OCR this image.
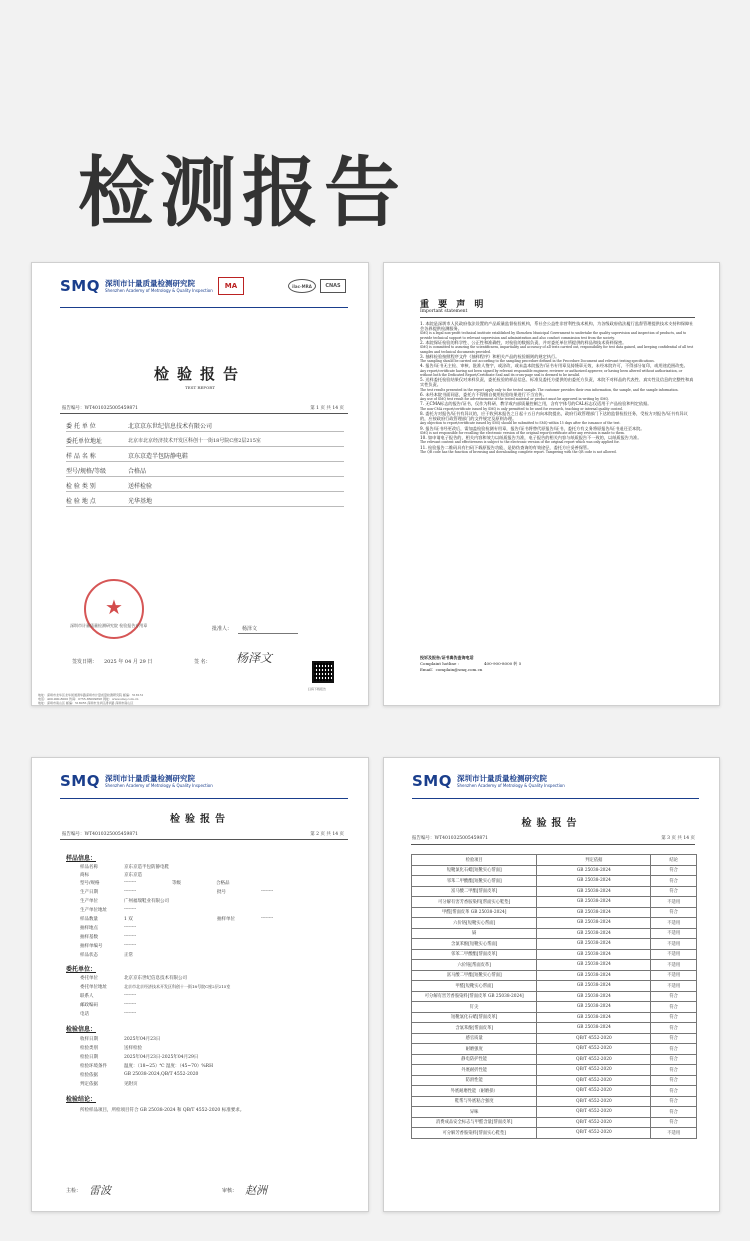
检测报告
SMQ 深圳市计量质量检测研究院
Shenzhen Academy of Metrology & Quality Inspection
MA	ilac-MRA	CNAS
检验报告
TEST REPORT
报告编号：WT4010325005459871	第 1 页 共 14 页
委 托 单 位	北京京东世纪信息技术有限公司
委托单位地址	北京市北京经济技术开发区科创十一街18号院C座2层215室
样 品 名 称	京东京造半包防静电鞋
型号/规格/等级	合格品
检 验 类 别	送样检验
检 验 地 点	光华基地
★
深圳市计量质量检测研究院 检验报告专用章
批准人： 杨泽文
签发日期： 2025 年 04 月 29 日	签 名： 杨泽文
扫码下载报告
地址：深圳市龙华区龙华街道清华路深圳市计量质量检测研究院 邮编：518131
电话：400-900-8000 传真：0755-86009898 网址：www.smq.com.cn
地址：深圳市南山区 邮编：518055 深圳市龙华区清华路 深圳市南山区
重 要 声 明
Important statement
1. 本院是深圳市人民政府依法设置的产品质量监督检验机构，系社会公益性非营利性技术机构，为各级政府依法履行监督管理提供技术支持和保障社会各界提供检测服务。
SMQ is a legal non-profit technical institute established by Shenzhen Municipal Government to undertake the quality supervision and inspection of products, and to provide technical support to relevant supervision and administration and also conduct commission test from the society.
2. 本院保证检验的科学性、公正性和准确性，对检验的数据负责，并对委托单位所提供的样品和技术资料保密。
SMQ is committed to assuring the scientificness, impartiality and accuracy of all tests carried out, responsibility for test data gained, and keeping confidential of all test samples and technical documents provided.
3. 抽样检验按照程序文件《抽样程序》和相关产品的检验细则的规定执行。
The sampling should be carried out according to the sampling procedure defined in the Procedure Document and relevant testing specifications.
4. 报告/证书无主检、审核、批准人签字，或涂改，或未盖本院报告/证书专用章及骑缝章无效，未经本院许可，不得部分复印，或用途范围改变。
Any report/certificate having not been signed by relevant responsible engineer, reviewer or authorized approver, or having been altered without authorization, or without both the Dedicated Report/Certificate Seal and its cross-page seal is deemed to be invalid.
5. 送样委托检验结果仅对来样负责，委托检验的样品信息、标准及委托方提供的由委托方负责，本院不对样品的代表性、真实性及信息的完整性和真实性负责。
The test results presented in the report apply only to the tested sample. The customer provides their own information, the sample, and the sample information.
6. 未经本院书面同意，委托方不得擅自使用检验结果进行不当宣传。
Any use of SMQ test result for advertisement of the tested material or product must be approved in writing by SMQ.
7. 无CMA标志的报告/证书，仅作为科研、教学或内部质量控制之用，含有字体号的CAL标志仅适用于产品检验和判定依据。
The non-CMA report/certificate issued by SMQ is only permitted to be used for research, teaching or internal quality control.
8. 委托方对报告/证书有异议的，应于收到本报告之日起十五日内向本院提出，政府行政管理部门下达的监督检验任务，受检方对报告/证书有异议的，应按政府行政管理部门的文件规定及原则办理。
Any objection to report/certificate issued by SMQ should be submitted to SMQ within 15 days after the issuance of the test.
9. 报告/证书经更改后，需加盖检验检测专用章，报告/证书将替代原报告/证书，委托方有义务将原报告/证书退还至本院。
SMQ is not responsible for recalling the electronic version of the original report/certificate after any revision is made to them.
10. 如申请电子报告的，相关内容和效力以纸质报告为准，电子报告的相关内容与纸质报告不一致的，以纸质报告为准。
The relevant content and effectiveness is subject to the electronic version of the original report which was only applied for.
11. 检验报告二维码具有扫码下载原报告功能，是防伪查询的有效途径，委托方应妥善保管。
The QR code has the function of browsing and downloading complete report. Tampering with the QR code is not allowed.
投诉及报告/证书真伪查询电话
Complaint hotline :	400-900-8000 转 5
Email：complain@smq.com.cn
SMQ 深圳市计量质量检测研究院
Shenzhen Academy of Metrology & Quality Inspection
检验报告
报告编号：WT4010325005459871	第 2 页 共 14 页
样品信息：
样品名称	京东京造半包防静电鞋
商标	京东京造
型号/规格	--------	等级	合格品
生产日期	--------	批号	--------
生产单位	广州福瑞鞋业有限公司
生产单位地址	--------
样品数量	1 双	抽样单位	--------
抽样地点	--------
抽样基数	--------
抽样单编号	--------
样品状态	正常
委托单位：
委托单位	北京京东世纪信息技术有限公司
委托单位地址	北京市北京经济技术开发区科创十一街18号院C座2层215室
联系人	--------
邮政编码	--------
电话	--------
检验信息：
收样日期	2025年04月23日
检验类别	送样检验
检验日期	2025年04月23日-2025年04月29日
检验环境条件	温度：（18~25）℃ 湿度：（45~70）%RH
检验依据	GB 25038-2024,QB/T 4552-2020
判定依据	见附页
检验结论：
所检样品项目，所检项目符合 GB 25038-2024 和 QB/T 4552-2020 标准要求。
主检： 雷波	审核： 赵洲
SMQ 深圳市计量质量检测研究院
Shenzhen Academy of Metrology & Quality Inspection
检验报告
报告编号：WT4010325005459871	第 3 页 共 14 页
检验项目	判定依据	结论
短靴氯化石蜡[短靴实心帮面]	GB 25038-2024	符合
邻苯二甲酸酯[短靴实心帮面]	GB 25038-2024	符合
富马酸二甲酯[帮面皮革]	GB 25038-2024	符合
可分解有害芳香胺染料[帮面实心鞋垫]	GB 25038-2024	不适用
甲醛[帮面皮革 GB 25038-2024]	GB 25038-2024	符合
六价铬[短靴实心帮面]	GB 25038-2024	不适用
镉	GB 25038-2024	不适用
含氯苯酚[短靴实心帮面]	GB 25038-2024	不适用
邻苯二甲酸酯[帮面皮革]	GB 25038-2024	不适用
六价铬[帮面皮革]	GB 25038-2024	不适用
富马酸二甲酯[短靴实心帮面]	GB 25038-2024	不适用
甲醛[短靴实心帮面]	GB 25038-2024	不适用
可分解有害芳香胺染料[帮面皮革 GB 25038-2024]	GB 25038-2024	符合
钉尖	GB 25038-2024	符合
短靴氯化石蜡[帮面皮革]	GB 25038-2024	符合
含氯苯酚[帮面皮革]	GB 25038-2024	符合
感官质量	QB/T 4552-2020	符合
耐磨强度	QB/T 4552-2020	符合
静电防护性能	QB/T 4552-2020	符合
外底耐折性能	QB/T 4552-2020	符合
防滑性能	QB/T 4552-2020	符合
外底耐磨性能（耐磨损）	QB/T 4552-2020	符合
鞋帮与外底粘合强度	QB/T 4552-2020	符合
异味	QB/T 4552-2020	符合
消费成品安全标志与甲醛含量[帮面皮革]	QB/T 4552-2020	符合
可分解芳香胺染料[帮面实心鞋垫]	QB/T 4552-2020	不适用
